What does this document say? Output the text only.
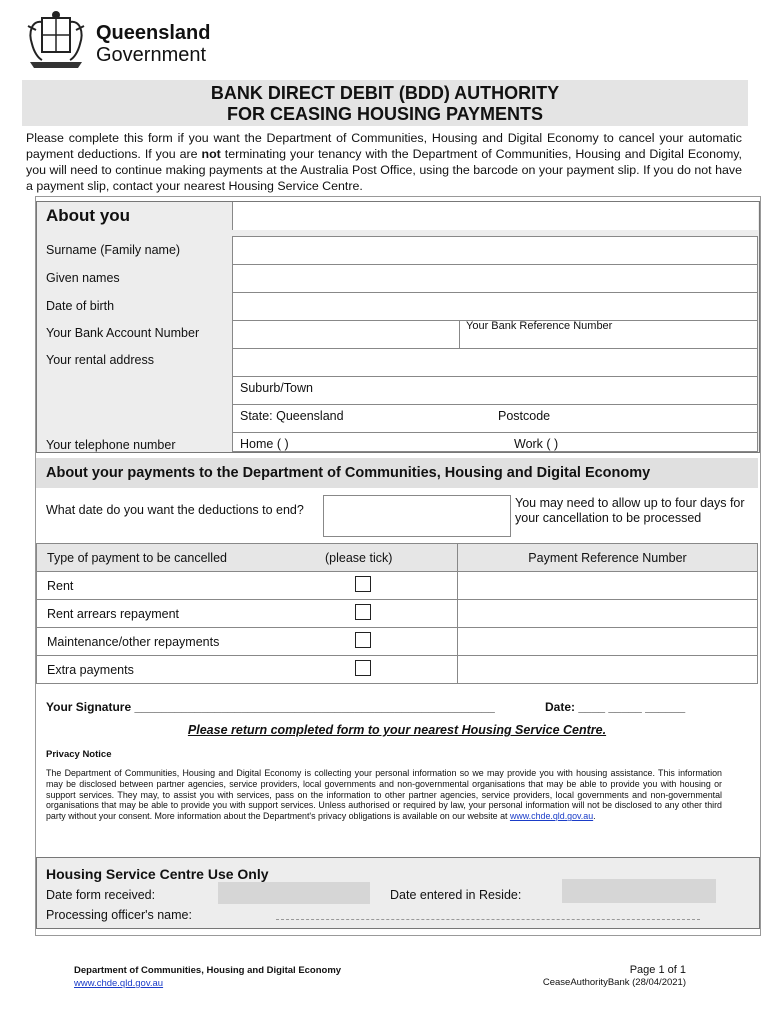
Queensland
Government
BANK DIRECT DEBIT (BDD) AUTHORITY
FOR CEASING HOUSING PAYMENTS
Please complete this form if you want the Department of Communities, Housing and Digital Economy to cancel your automatic payment deductions. If you are not terminating your tenancy with the Department of Communities, Housing and Digital Economy, you will need to continue making payments at the Australia Post Office, using the barcode on your payment slip. If you do not have a payment slip, contact your nearest Housing Service Centre.
About you
Surname (Family name)
Given names
Date of birth
Your Bank Account Number	Your Bank Reference Number
Your rental address
Suburb/Town
State: Queensland	Postcode
Your telephone number	Home ( )	Work ( )
About your payments to the Department of Communities, Housing and Digital Economy
What date do you want the deductions to end?	You may need to allow up to four days for your cancellation to be processed
Type of payment to be cancelled	(please tick)	Payment Reference Number
Rent		
Rent arrears repayment		
Maintenance/other repayments		
Extra payments		
Your Signature ______________________________________________________	Date: ____ _____ ______
Please return completed form to your nearest Housing Service Centre.
Privacy Notice
The Department of Communities, Housing and Digital Economy is collecting your personal information so we may provide you with housing assistance. This information may be disclosed between partner agencies, service providers, local governments and non-governmental organisations that may be able to provide you with housing or support services. They may, to assist you with services, pass on the information to other partner agencies, service providers, local governments and non-governmental organisations that may be able to provide you with support services. Unless authorised or required by law, your personal information will not be disclosed to any other third party without your consent. More information about the Department's privacy obligations is available on our website at www.chde.qld.gov.au.
Housing Service Centre Use Only
Date form received:	Date entered in Reside:
Processing officer's name:
Department of Communities, Housing and Digital Economy
www.chde.qld.gov.au
Page 1 of 1
CeaseAuthorityBank (28/04/2021)
